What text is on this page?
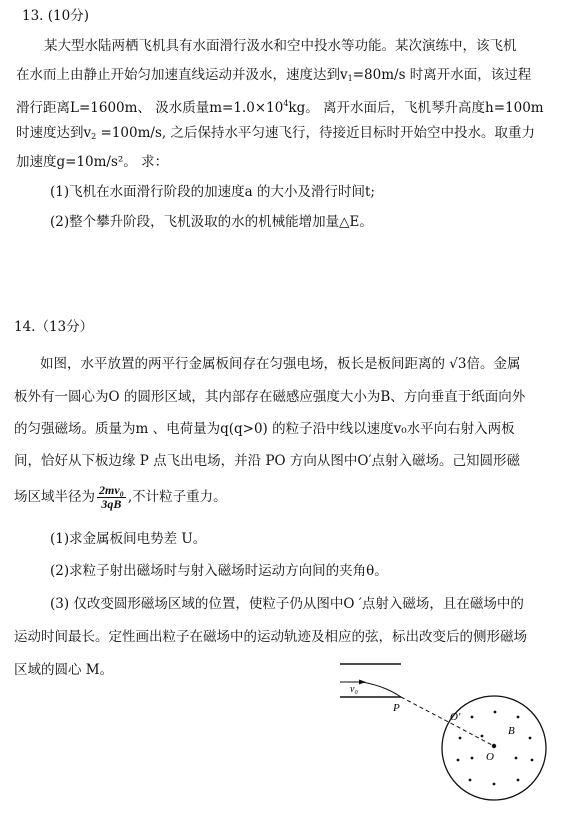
13. (10分)
某大型水陆两栖飞机具有水面滑行汲水和空中投水等功能。某次演练中，该飞机
在水而上由静止开始匀加速直线运动并汲水，速度达到$v_1=80m/s$ 时离开水面，该过程
滑行距离L=1600m、 汲水质量$m=1.0\times 10^4kg$。 离开水面后，飞机琴升高度h=100m
时速度达到$v_2 =100m/s$, 之后保持水平匀速飞行，待接近目标时开始空中投水。取重力
加速度g=10m/s²。 求：
(1)飞机在水面滑行阶段的加速度a 的大小及滑行时间t;
(2)整个攀升阶段，飞机汲取的水的机械能增加量△E。
14.（13分）
如图，水平放置的两平行金属板间存在匀强电场，板长是板间距离的 √3倍。金属
板外有一圆心为O 的圆形区域，其内部存在磁感应强度大小为B、方向垂直于纸面向外
的匀强磁场。质量为m 、电荷量为q(q>0) 的粒子沿中线以速度v₀水平向右射入两板
间，恰好从下板边缘 P 点飞出电场，并沿 PO 方向从图中O′点射入磁场。己知圆形磁
场区域半径为 $\frac{\text{2mv₀}}{3qB}$ ,不计粒子重力。
(1)求金属板间电势差 U。
(2)求粒子射出磁场时与射入磁场时运动方向间的夹角θ。
(3) 仅改变圆形磁场区域的位置，使粒子仍从图中O ′点射入磁场，且在磁场中的
运动时间最长。定性画出粒子在磁场中的运动轨迹及相应的弦，标出改变后的侧形磁场
区域的圆心 M。
v₀
P
O′
B
O
